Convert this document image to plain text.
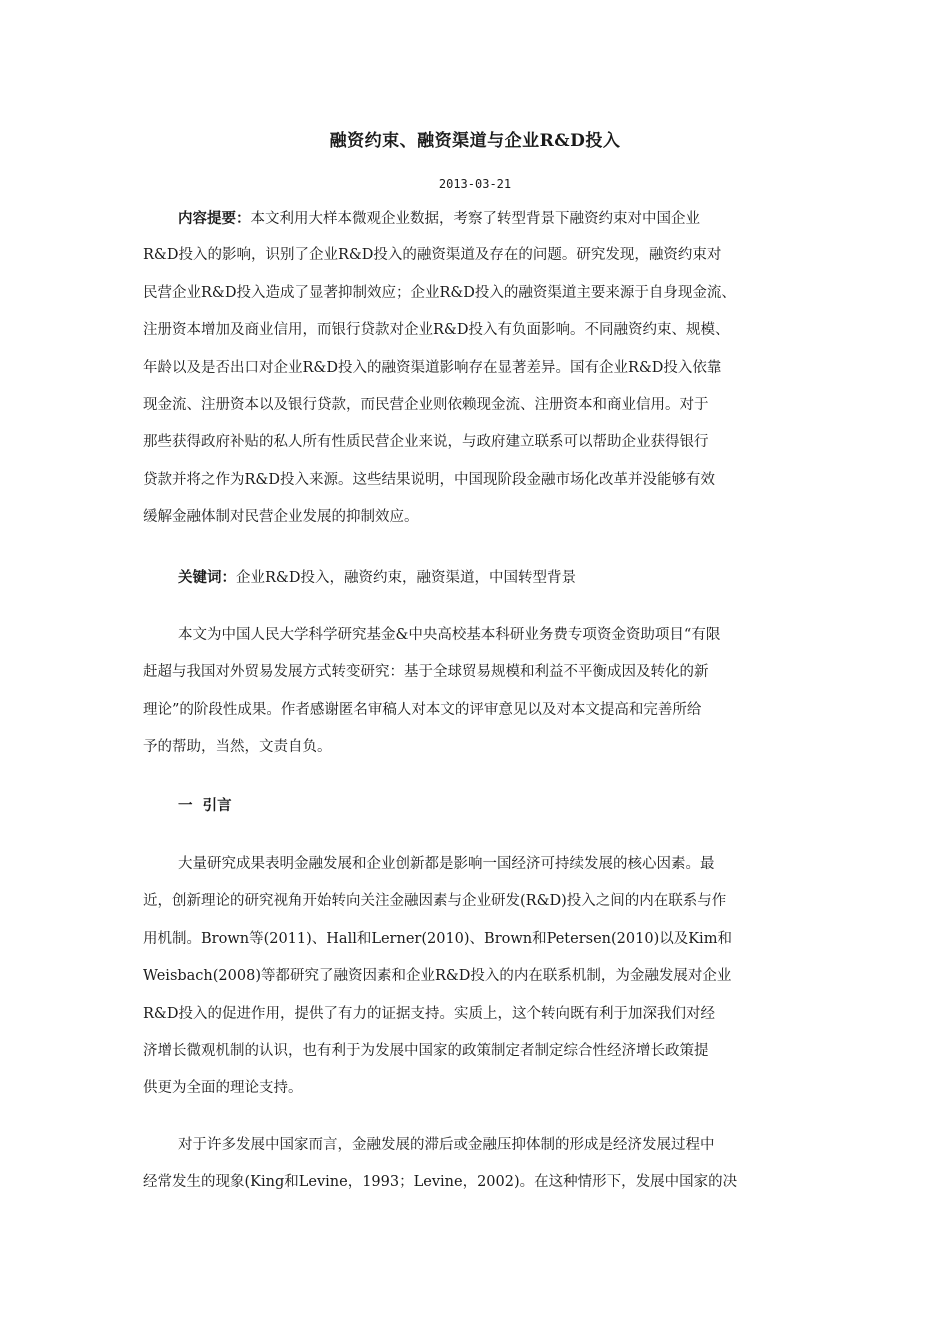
融资约束、融资渠道与企业R&D投入
2013-03-21
内容提要：本文利用大样本微观企业数据，考察了转型背景下融资约束对中国企业
R&D投入的影响，识别了企业R&D投入的融资渠道及存在的问题。研究发现，融资约束对
民营企业R&D投入造成了显著抑制效应；企业R&D投入的融资渠道主要来源于自身现金流、
注册资本增加及商业信用，而银行贷款对企业R&D投入有负面影响。不同融资约束、规模、
年龄以及是否出口对企业R&D投入的融资渠道影响存在显著差异。国有企业R&D投入依靠
现金流、注册资本以及银行贷款，而民营企业则依赖现金流、注册资本和商业信用。对于
那些获得政府补贴的私人所有性质民营企业来说，与政府建立联系可以帮助企业获得银行
贷款并将之作为R&D投入来源。这些结果说明，中国现阶段金融市场化改革并没能够有效
缓解金融体制对民营企业发展的抑制效应。
关键词：企业R&D投入，融资约束，融资渠道，中国转型背景
本文为中国人民大学科学研究基金&中央高校基本科研业务费专项资金资助项目“有限
赶超与我国对外贸易发展方式转变研究：基于全球贸易规模和利益不平衡成因及转化的新
理论”的阶段性成果。作者感谢匿名审稿人对本文的评审意见以及对本文提高和完善所给
予的帮助，当然，文责自负。
一  引言
大量研究成果表明金融发展和企业创新都是影响一国经济可持续发展的核心因素。最
近，创新理论的研究视角开始转向关注金融因素与企业研发(R&D)投入之间的内在联系与作
用机制。Brown等(2011)、Hall和Lerner(2010)、Brown和Petersen(2010)以及Kim和
Weisbach(2008)等都研究了融资因素和企业R&D投入的内在联系机制，为金融发展对企业
R&D投入的促进作用，提供了有力的证据支持。实质上，这个转向既有利于加深我们对经
济增长微观机制的认识，也有利于为发展中国家的政策制定者制定综合性经济增长政策提
供更为全面的理论支持。
对于许多发展中国家而言，金融发展的滞后或金融压抑体制的形成是经济发展过程中
经常发生的现象(King和Levine，1993；Levine，2002)。在这种情形下，发展中国家的决
